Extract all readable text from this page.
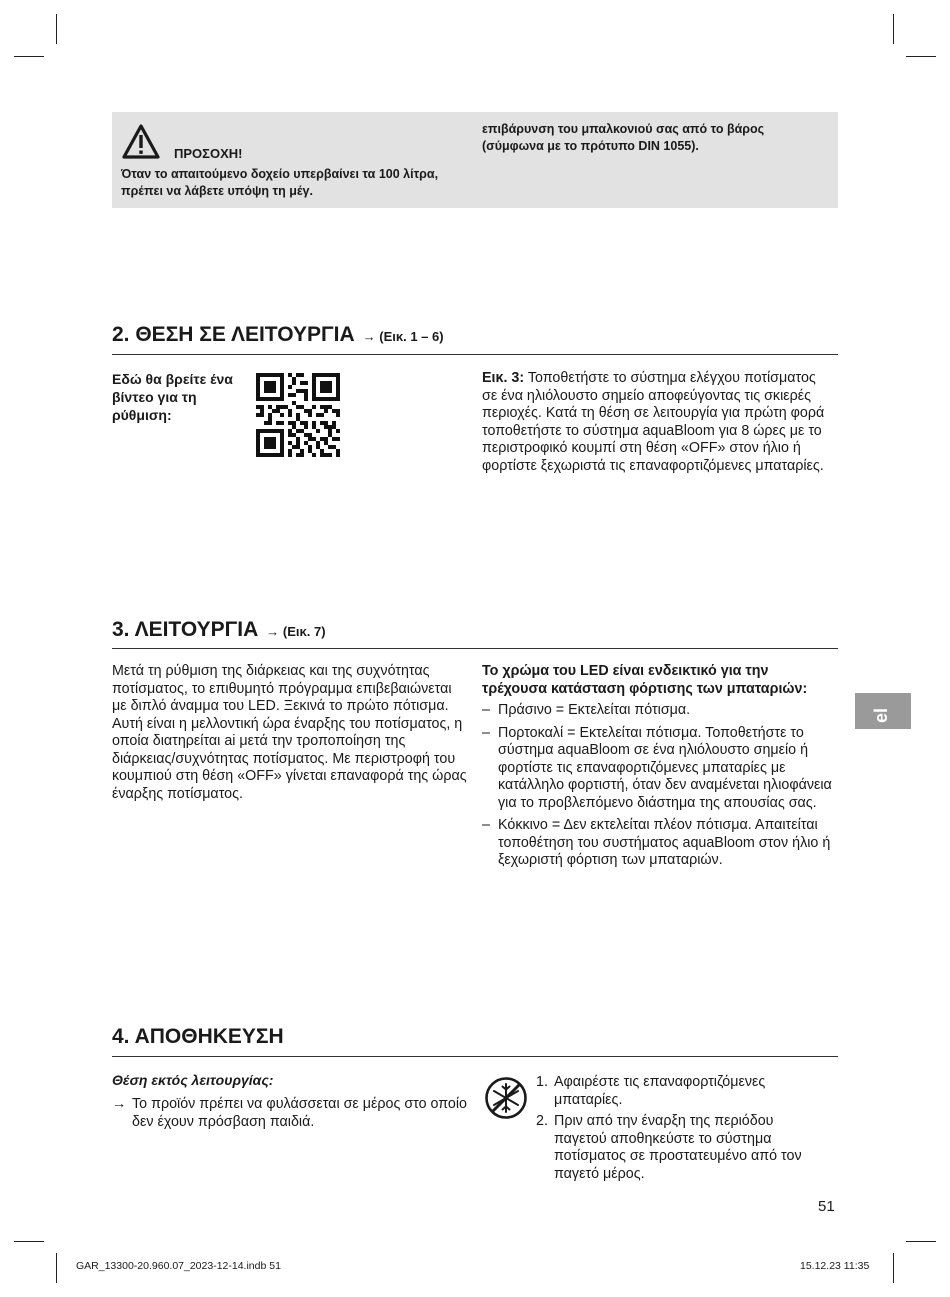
ΠΡΟΣΟΧΗ!
Όταν το απαιτούμενο δοχείο υπερβαίνει τα 100 λίτρα, πρέπει να λάβετε υπόψη τη μέγ.
επιβάρυνση του μπαλκονιού σας από το βάρος (σύμφωνα με το πρότυπο DIN 1055).
2. ΘΕΣΗ ΣΕ ΛΕΙΤΟΥΡΓΙΑ → (Εικ. 1 – 6)
Εδώ θα βρείτε ένα βίντεο για τη ρύθμιση:
Εικ. 3: Τοποθετήστε το σύστημα ελέγχου ποτίσματος σε ένα ηλιόλουστο σημείο αποφεύγοντας τις σκιερές περιοχές. Κατά τη θέση σε λειτουργία για πρώτη φορά τοποθετήστε το σύστημα aquaBloom για 8 ώρες με το περιστροφικό κουμπί στη θέση «OFF» στον ήλιο ή φορτίστε ξεχωριστά τις επαναφορτιζόμενες μπαταρίες.
3. ΛΕΙΤΟΥΡΓΙΑ → (Εικ. 7)
Μετά τη ρύθμιση της διάρκειας και της συχνότητας ποτίσματος, το επιθυμητό πρόγραμμα επιβεβαιώνεται με διπλό άναμμα του LED. Ξεκινά το πρώτο πότισμα. Αυτή είναι η μελλοντική ώρα έναρξης του ποτίσματος, η οποία διατηρείται ai μετά την τροποποίηση της διάρκειας/συχνότητας ποτίσματος. Με περιστροφή του κουμπιού στη θέση «OFF» γίνεται επαναφορά της ώρας έναρξης ποτίσματος.
Το χρώμα του LED είναι ενδεικτικό για την τρέχουσα κατάσταση φόρτισης των μπαταριών:
– Πράσινο = Εκτελείται πότισμα.
– Πορτοκαλί = Εκτελείται πότισμα. Τοποθετήστε το σύστημα aquaBloom σε ένα ηλιόλουστο σημείο ή φορτίστε τις επαναφορτιζόμενες μπαταρίες με κατάλληλο φορτιστή, όταν δεν αναμένεται ηλιοφάνεια για το προβλεπόμενο διάστημα της απουσίας σας.
– Κόκκινο = Δεν εκτελείται πλέον πότισμα. Απαιτείται τοποθέτηση του συστήματος aquaBloom στον ήλιο ή ξεχωριστή φόρτιση των μπαταριών.
el
4. ΑΠΟΘΗΚΕΥΣΗ
Θέση εκτός λειτουργίας:
→ Το προϊόν πρέπει να φυλάσσεται σε μέρος στο οποίο δεν έχουν πρόσβαση παιδιά.
1. Αφαιρέστε τις επαναφορτιζόμενες μπαταρίες.
2. Πριν από την έναρξη της περιόδου παγετού αποθηκεύστε το σύστημα ποτίσματος σε προστατευμένο από τον παγετό μέρος.
51
GAR_13300-20.960.07_2023-12-14.indb 51	15.12.23 11:35
